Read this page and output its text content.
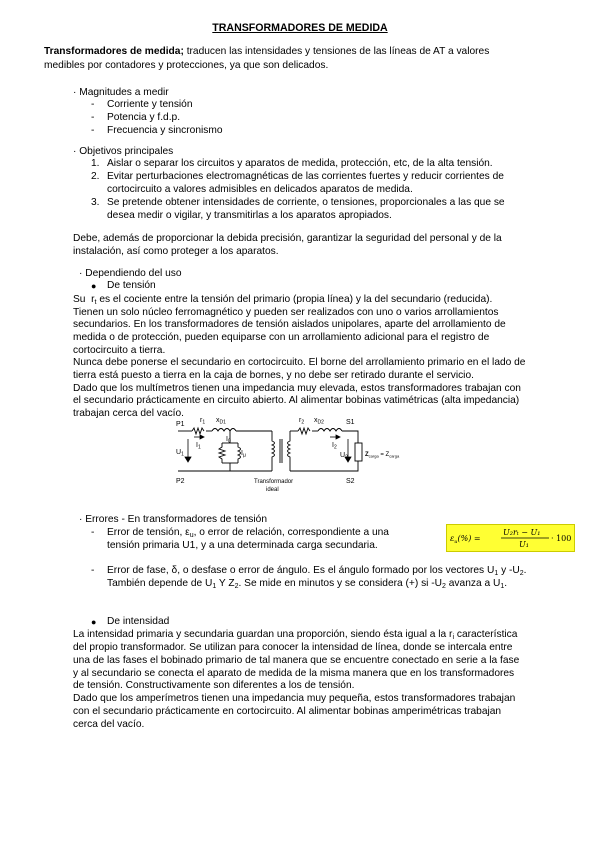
TRANSFORMADORES DE MEDIDA
Transformadores de medida; traducen las intensidades y tensiones de las líneas de AT a valores
medibles por contadores y protecciones, ya que son delicados.
· Magnitudes a medir
- Corriente y tensión
- Potencia y f.d.p.
- Frecuencia y sincronismo
· Objetivos principales
1. Aislar o separar los circuitos y aparatos de medida, protección, etc, de la alta tensión.
2. Evitar perturbaciones electromagnéticas de las corrientes fuertes y reducir corrientes de
cortocircuito a valores admisibles en delicados aparatos de medida.
3. Se pretende obtener intensidades de corriente, o tensiones, proporcionales a las que se
desea medir o vigilar, y transmitirlas a los aparatos apropiados.
Debe, además de proporcionar la debida precisión, garantizar la seguridad del personal y de la
instalación, así como proteger a los aparatos.
· Dependiendo del uso
● De tensión
Su $r_t$ es el cociente entre la tensión del primario (propia línea) y la del secundario (reducida).
Tienen un solo núcleo ferromagnético y pueden ser realizados con uno o varios arrollamientos
secundarios. En los transformadores de tensión aislados unipolares, aparte del arrollamiento de
medida o de protección, pueden equiparse con un arrollamiento adicional para el registro de
cortocircuito a tierra.
Nunca debe ponerse el secundario en cortocircuito. El borne del arrollamiento primario en el lado de
tierra está puesto a tierra en la caja de bornes, y no debe ser retirado durante el servicio.
Dado que los multímetros tienen una impedancia muy elevada, estos transformadores trabajan con
el secundario prácticamente en circuito abierto. Al alimentar bobinas vatimétricas (alta impedancia)
trabajan cerca del vacío.
P1
P2
$r_1$ $x_{D1}$
$U_1$
$I_1$
$I_0$
$I_\mu$
$r_2$ $x_{D2}$	S1
S2
$I_2$
$U_2$	$Z_{carga} = Z_{carga}$
Transformador
ideal
· Errores - En transformadores de tensión
- Error de tensión, $\varepsilon_u$, o error de relación, correspondiente a una
tensión primaria U1, y a una determinada carga secundaria.
$\varepsilon_u(\%)$ =
U₂rₜ − U₁
U₁
· 100
- Error de fase, δ, o desfase o error de ángulo. Es el ángulo formado por los vectores $U_1$ y $-U_2$.
También depende de $U_1$ Y $Z_2$. Se mide en minutos y se considera (+) si $-U_2$ avanza a $U_1$.
● De intensidad
La intensidad primaria y secundaria guardan una proporción, siendo ésta igual a la $r_i$ característica
del propio transformador. Se utilizan para conocer la intensidad de línea, donde se intercala entre
una de las fases el bobinado primario de tal manera que se encuentre conectado en serie a la fase
y al secundario se conecta el aparato de medida de la misma manera que en los transformadores
de tensión. Constructivamente son diferentes a los de tensión.
Dado que los amperímetros tienen una impedancia muy pequeña, estos transformadores trabajan
con el secundario prácticamente en cortocircuito. Al alimentar bobinas amperimétricas trabajan
cerca del vacío.
